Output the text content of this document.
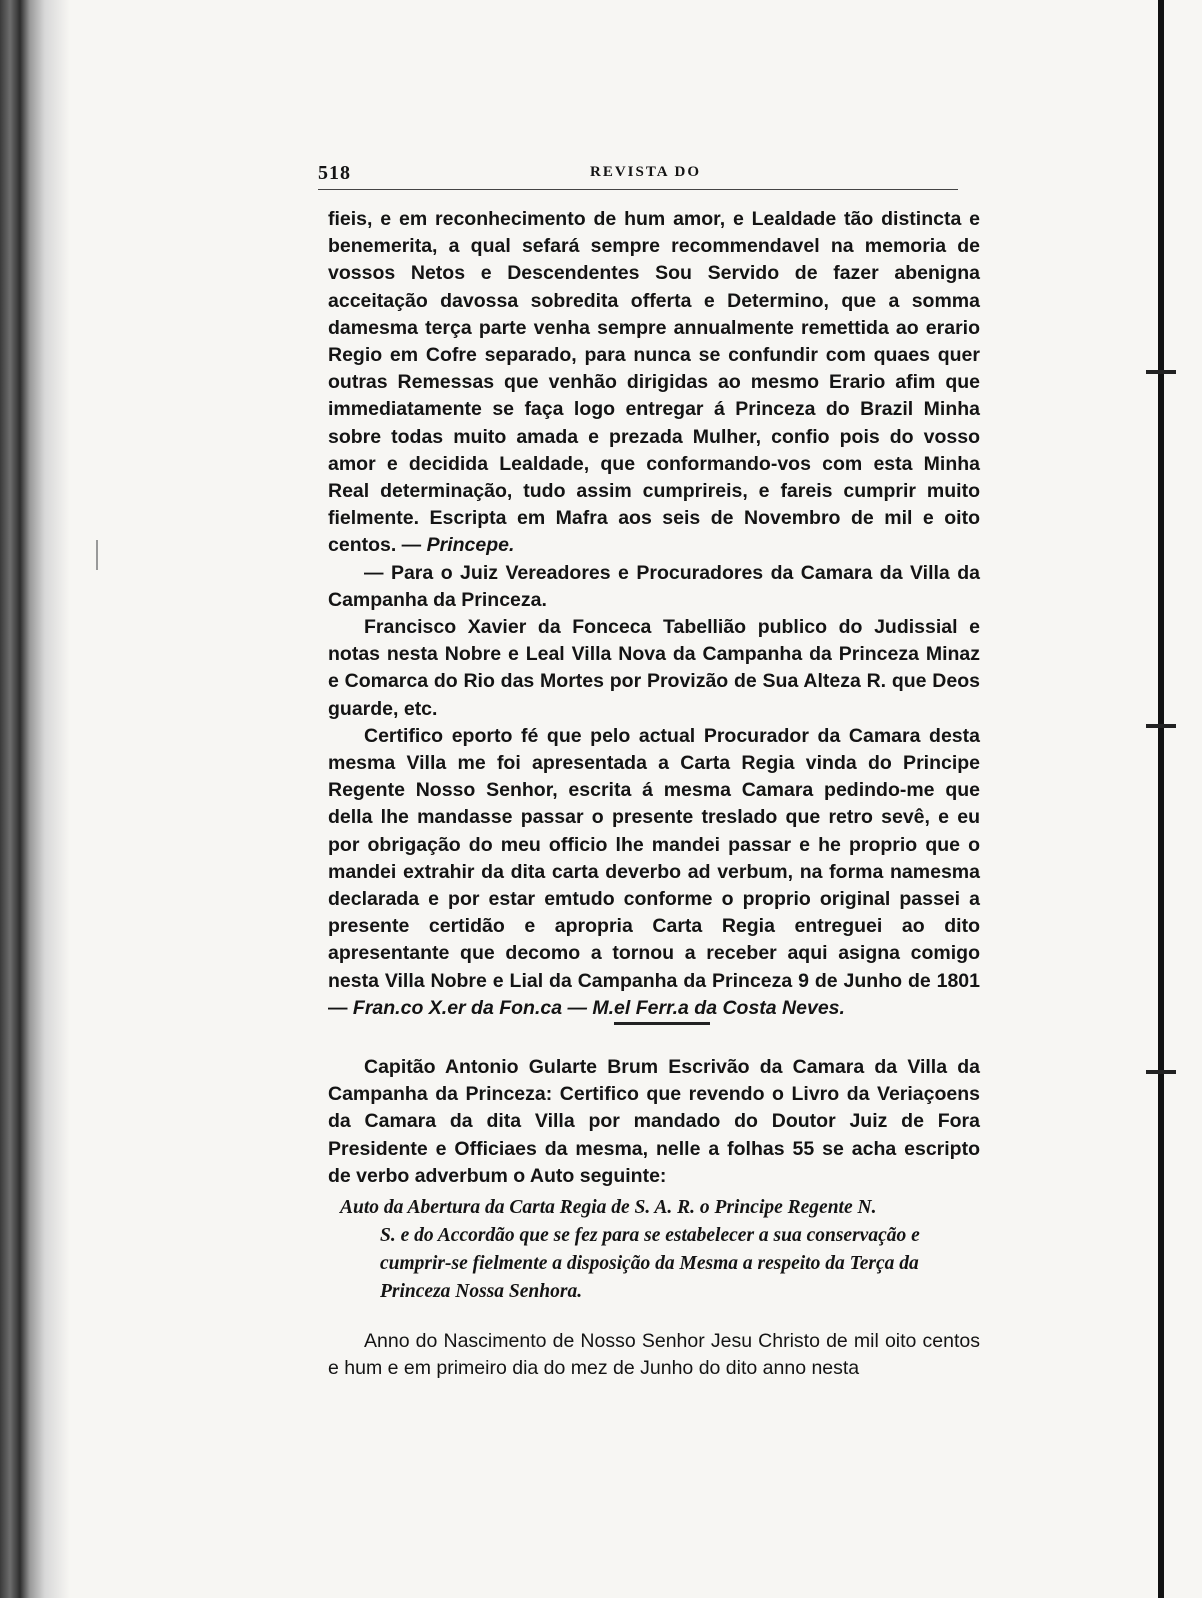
518	REVISTA DO

fieis, e em reconhecimento de hum amor, e Lealdade tão distincta e benemerita, a qual sefará sempre recommendavel na memoria de vossos Netos e Descendentes Sou Servido de fazer abenigna acceitação davossa sobredita offerta e Determino, que a somma damesma terça parte venha sempre annualmente remettida ao erario Regio em Cofre separado, para nunca se confundir com quaes quer outras Remessas que venhão dirigidas ao mesmo Erario afim que immediatamente se faça logo entregar á Princeza do Brazil Minha sobre todas muito amada e prezada Mulher, confio pois do vosso amor e decidida Lealdade, que conformando-vos com esta Minha Real determinação, tudo assim cumprireis, e fareis cumprir muito fielmente. Escripta em Mafra aos seis de Novembro de mil e oito centos. — Princepe.

— Para o Juiz Vereadores e Procuradores da Camara da Villa da Campanha da Princeza.

Francisco Xavier da Fonceca Tabellião publico do Judissial e notas nesta Nobre e Leal Villa Nova da Campanha da Princeza Minaz e Comarca do Rio das Mortes por Provizão de Sua Alteza R. que Deos guarde, etc.

Certifico eporto fé que pelo actual Procurador da Camara desta mesma Villa me foi apresentada a Carta Regia vinda do Principe Regente Nosso Senhor, escrita á mesma Camara pedindo-me que della lhe mandasse passar o presente treslado que retro sevê, e eu por obrigação do meu officio lhe mandei passar e he proprio que o mandei extrahir da dita carta deverbo ad verbum, na forma namesma declarada e por estar emtudo conforme o proprio original passei a presente certidão e apropria Carta Regia entreguei ao dito apresentante que decomo a tornou a receber aqui asigna comigo nesta Villa Nobre e Lial da Campanha da Princeza 9 de Junho de 1801 — Fran.co X.er da Fon.ca — M.el Ferr.a da Costa Neves.

Capitão Antonio Gularte Brum Escrivão da Camara da Villa da Campanha da Princeza: Certifico que revendo o Livro da Veriaçoens da Camara da dita Villa por mandado do Doutor Juiz de Fora Presidente e Officiaes da mesma, nelle a folhas 55 se acha escripto de verbo adverbum o Auto seguinte:

Auto da Abertura da Carta Regia de S. A. R. o Principe Regente N.
S. e do Accordão que se fez para se estabelecer a sua conservação e cumprir-se fielmente a disposição da Mesma a respeito da Terça da Princeza Nossa Senhora.

Anno do Nascimento de Nosso Senhor Jesu Christo de mil oito centos e hum e em primeiro dia do mez de Junho do dito anno nesta
